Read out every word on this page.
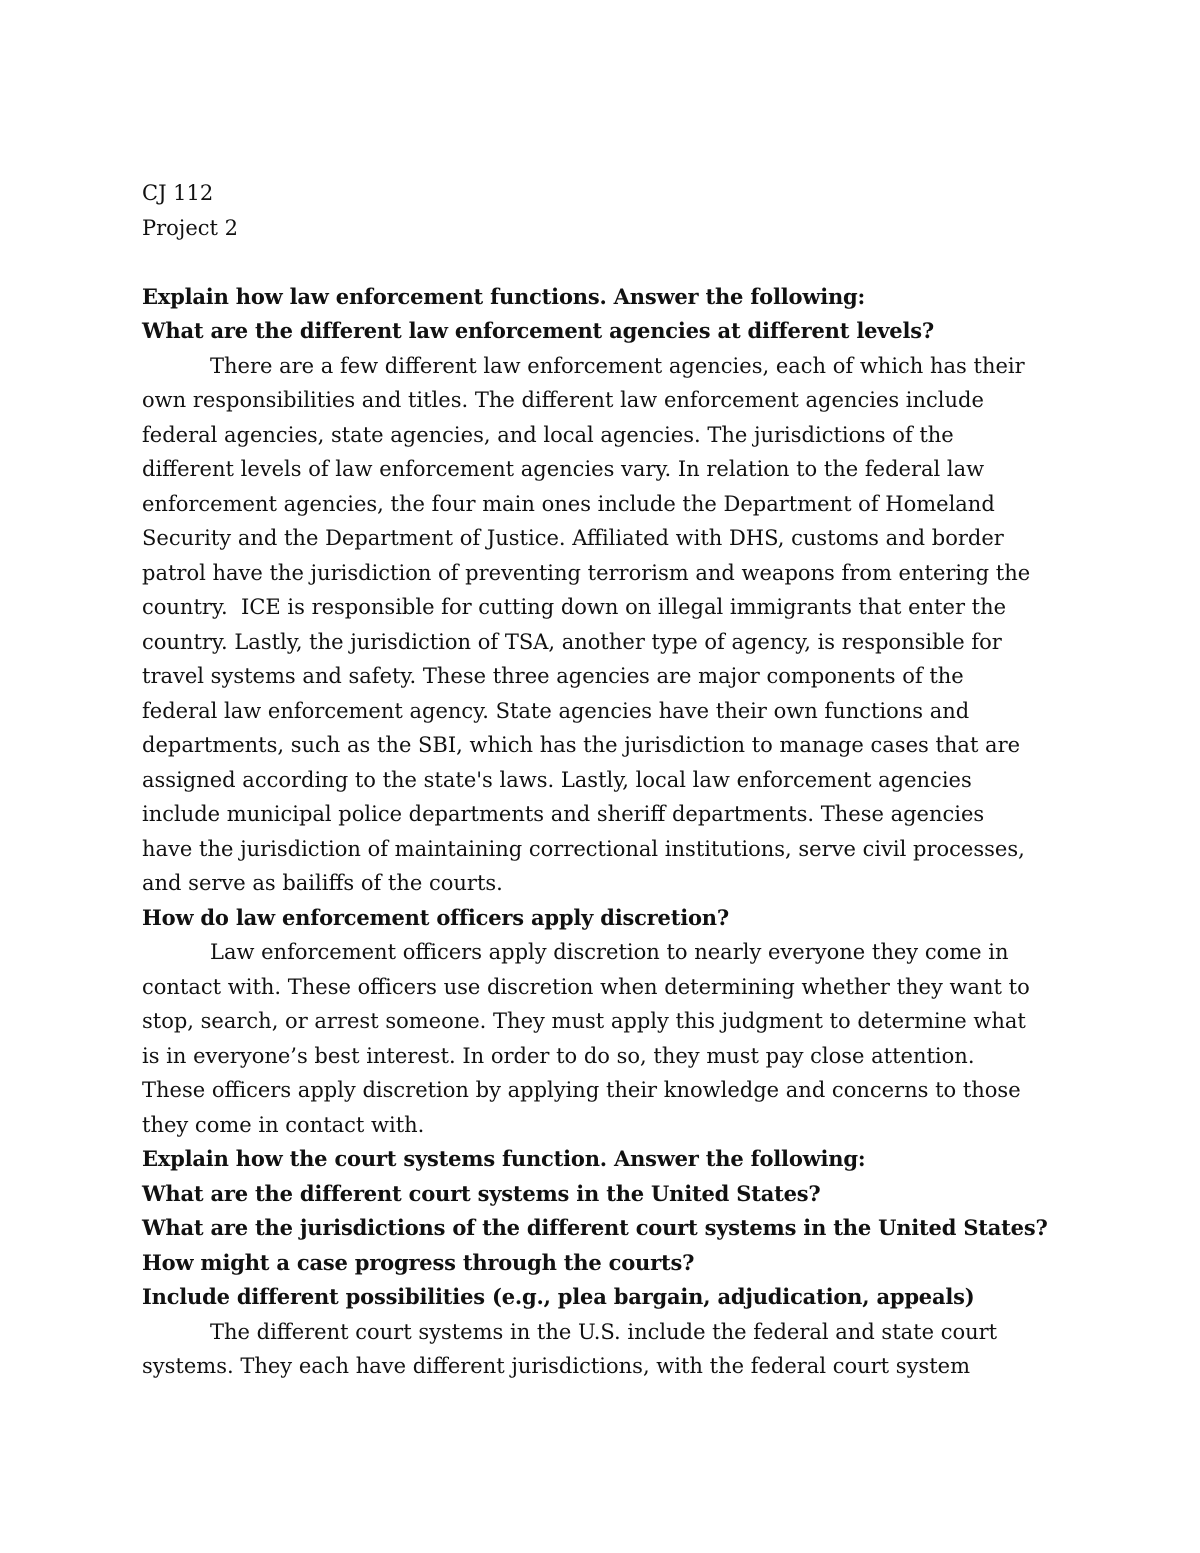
CJ 112
Project 2
Explain how law enforcement functions. Answer the following:
What are the different law enforcement agencies at different levels?
There are a few different law enforcement agencies, each of which has their
own responsibilities and titles. The different law enforcement agencies include
federal agencies, state agencies, and local agencies. The jurisdictions of the
different levels of law enforcement agencies vary. In relation to the federal law
enforcement agencies, the four main ones include the Department of Homeland
Security and the Department of Justice. Affiliated with DHS, customs and border
patrol have the jurisdiction of preventing terrorism and weapons from entering the
country.  ICE is responsible for cutting down on illegal immigrants that enter the
country. Lastly, the jurisdiction of TSA, another type of agency, is responsible for
travel systems and safety. These three agencies are major components of the
federal law enforcement agency. State agencies have their own functions and
departments, such as the SBI, which has the jurisdiction to manage cases that are
assigned according to the state's laws. Lastly, local law enforcement agencies
include municipal police departments and sheriff departments. These agencies
have the jurisdiction of maintaining correctional institutions, serve civil processes,
and serve as bailiffs of the courts.
How do law enforcement officers apply discretion?
Law enforcement officers apply discretion to nearly everyone they come in
contact with. These officers use discretion when determining whether they want to
stop, search, or arrest someone. They must apply this judgment to determine what
is in everyone’s best interest. In order to do so, they must pay close attention.
These officers apply discretion by applying their knowledge and concerns to those
they come in contact with.
Explain how the court systems function. Answer the following:
What are the different court systems in the United States?
What are the jurisdictions of the different court systems in the United States?
How might a case progress through the courts?
Include different possibilities (e.g., plea bargain, adjudication, appeals)
The different court systems in the U.S. include the federal and state court
systems. They each have different jurisdictions, with the federal court system
